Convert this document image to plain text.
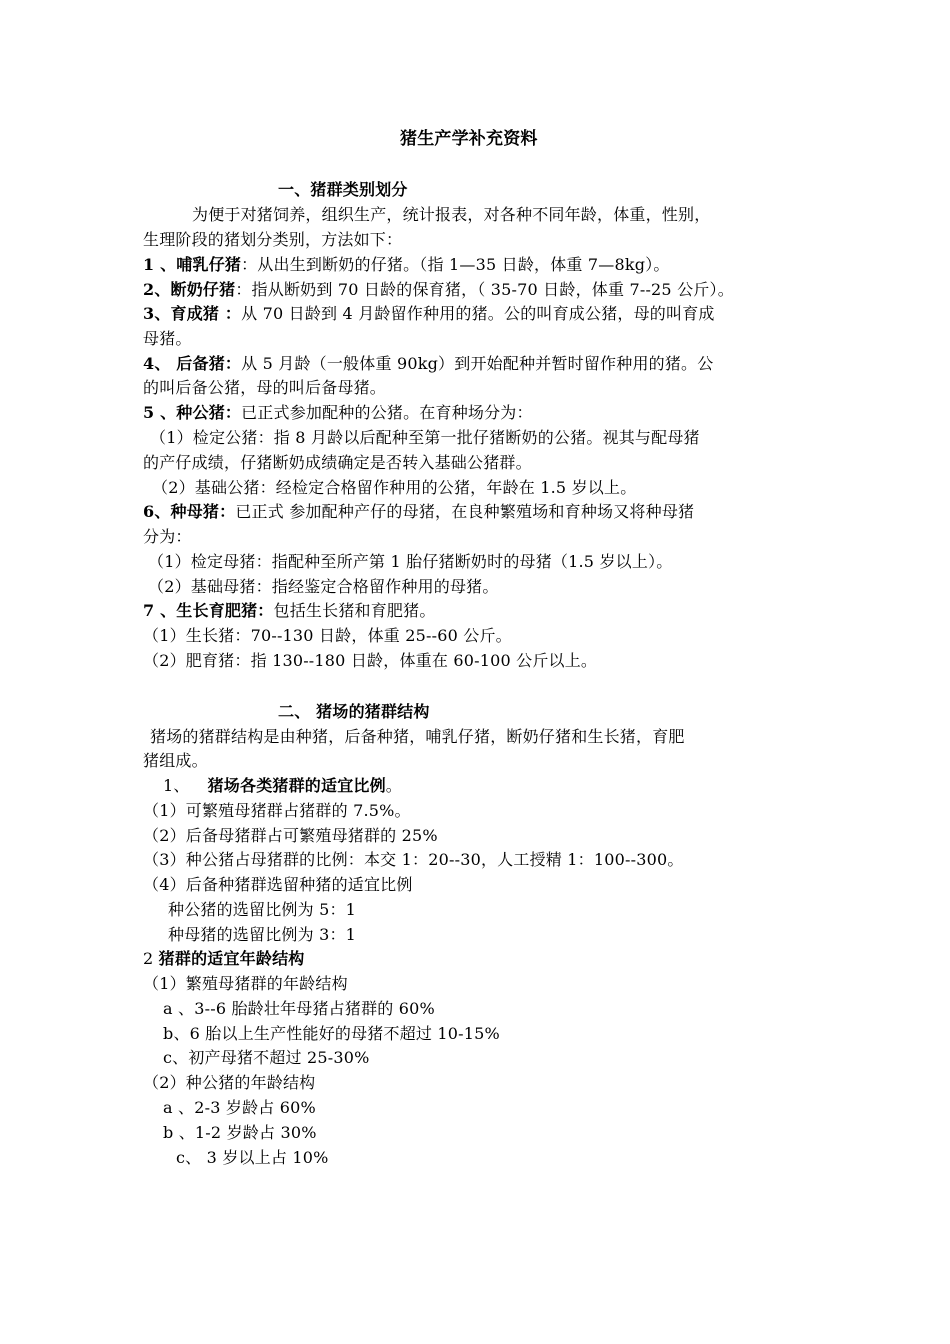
猪生产学补充资料
一、猪群类别划分
为便于对猪饲养，组织生产，统计报表，对各种不同年龄，体重，性别，
生理阶段的猪划分类别，方法如下：
1 、哺乳仔猪：从出生到断奶的仔猪。（指 1—35 日龄，体重 7—8kg）。
2、断奶仔猪：指从断奶到 70 日龄的保育猪，（ 35-70 日龄，体重 7--25 公斤）。
3、育成猪 ：从 70 日龄到 4 月龄留作种用的猪。公的叫育成公猪，母的叫育成
母猪。
4、 后备猪：从 5 月龄（一般体重 90kg）到开始配种并暂时留作种用的猪。公
的叫后备公猪，母的叫后备母猪。
5 、种公猪：已正式参加配种的公猪。在育种场分为：
（1）检定公猪：指 8 月龄以后配种至第一批仔猪断奶的公猪。视其与配母猪
的产仔成绩，仔猪断奶成绩确定是否转入基础公猪群。
（2）基础公猪：经检定合格留作种用的公猪，年龄在 1.5 岁以上。
6、种母猪：已正式 参加配种产仔的母猪，在良种繁殖场和育种场又将种母猪
分为：
（1）检定母猪：指配种至所产第 1 胎仔猪断奶时的母猪（1.5 岁以上）。
（2）基础母猪：指经鉴定合格留作种用的母猪。
7 、生长育肥猪：包括生长猪和育肥猪。
（1）生长猪：70--130 日龄，体重 25--60 公斤。
（2）肥育猪：指 130--180 日龄，体重在 60-100 公斤以上。
二、 猪场的猪群结构
猪场的猪群结构是由种猪，后备种猪，哺乳仔猪，断奶仔猪和生长猪，育肥
猪组成。
1、 猪场各类猪群的适宜比例。
（1）可繁殖母猪群占猪群的 7.5%。
（2）后备母猪群占可繁殖母猪群的 25%
（3）种公猪占母猪群的比例：本交 1：20--30，人工授精 1：100--300。
（4）后备种猪群选留种猪的适宜比例
种公猪的选留比例为 5：1
种母猪的选留比例为 3：1
2 猪群的适宜年龄结构
（1）繁殖母猪群的年龄结构
a 、3--6 胎龄壮年母猪占猪群的 60%
b、6 胎以上生产性能好的母猪不超过 10-15%
c、初产母猪不超过 25-30%
（2）种公猪的年龄结构
a 、2-3 岁龄占 60%
b 、1-2 岁龄占 30%
c、 3 岁以上占 10%
